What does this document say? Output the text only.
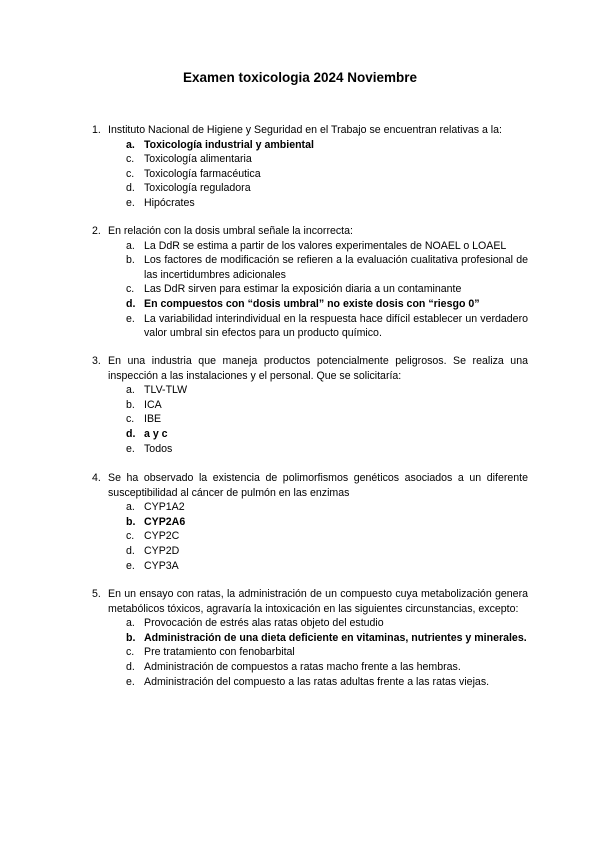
Examen toxicologia 2024 Noviembre
1. Instituto Nacional de Higiene y Seguridad en el Trabajo se encuentran relativas a la:
a. Toxicología industrial y ambiental
c. Toxicología alimentaria
c. Toxicología farmacéutica
d. Toxicología reguladora
e. Hipócrates
2. En relación con la dosis umbral señale la incorrecta:
a. La DdR se estima a partir de los valores experimentales de NOAEL o LOAEL
b. Los factores de modificación se refieren a la evaluación cualitativa profesional de las incertidumbres adicionales
c. Las DdR sirven para estimar la exposición diaria a un contaminante
d. En compuestos con “dosis umbral” no existe dosis con “riesgo 0”
e. La variabilidad interindividual en la respuesta hace difícil establecer un verdadero valor umbral sin efectos para un producto químico.
3. En una industria que maneja productos potencialmente peligrosos. Se realiza una inspección a las instalaciones y el personal. Que se solicitaría:
a. TLV-TLW
b. ICA
c. IBE
d. a y c
e. Todos
4. Se ha observado la existencia de polimorfismos genéticos asociados a un diferente susceptibilidad al cáncer de pulmón en las enzimas
a. CYP1A2
b. CYP2A6
c. CYP2C
d. CYP2D
e. CYP3A
5. En un ensayo con ratas, la administración de un compuesto cuya metabolización genera metabólicos tóxicos, agravaría la intoxicación en las siguientes circunstancias, excepto:
a. Provocación de estrés alas ratas objeto del estudio
b. Administración de una dieta deficiente en vitaminas, nutrientes y minerales.
c. Pre tratamiento con fenobarbital
d. Administración de compuestos a ratas macho frente a las hembras.
e. Administración del compuesto a las ratas adultas frente a las ratas viejas.
